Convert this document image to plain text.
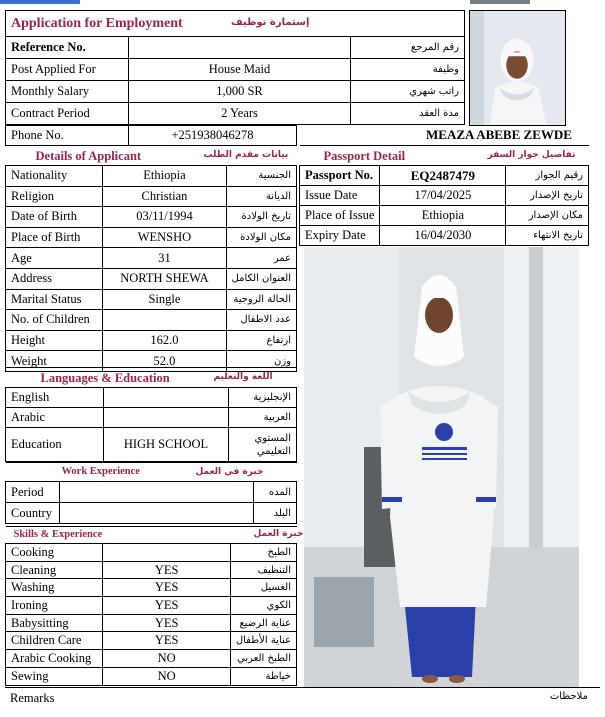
Application for Employment إستمارة توظيف		

Reference No.		رقم المرجع
Post Applied For	House Maid	وظيفة
Monthly Salary	1,000 SR	راتب شهري
Contract Period	2 Years	مدة العقد
Phone No.	+251938046278	MEAZA ABEBE ZEWDE
Details of Applicant بيانات مقدم الطلب		

Nationality	Ethiopia	الجنسية
Religion	Christian	الديانة
Date of Birth	03/11/1994	تاريخ الولادة
Place of Birth	WENSHO	مكان الولادة
Age	31	عمر
Address	NORTH SHEWA	العنوان الكامل
Marital Status	Single	الحالة الزوجية
No. of Children		عدد الاطفال
Height	162.0	ارتفاع
Weight	52.0	وزن
Passport Detail تفاصيل جواز السفر		

Passport No.	EQ2487479	رقيم الجواز
Issue Date	17/04/2025	تاريخ الإصدار
Place of Issue	Ethiopia	مكان الإصدار
Expiry Date	16/04/2030	تاريخ الانتهاء
Languages & Education اللغة والتعليم		

English		الإنجليزية
Arabic		العربية
Education	HIGH SCHOOL	المستوي التعليمي
Work Experience خبرة في العمل		

Period		المده
Country		البلد
Skills & Experience خبرة العمل		

Cooking		الطبخ
Cleaning	YES	التنظيف
Washing	YES	الغسيل
Ironing	YES	الكوي
Babysitting	YES	عناية الرضيع
Children Care	YES	عناية الأطفال
Arabic Cooking	NO	الطبخ العربي
Sewing	NO	خياطة
Remarks	ملاحظات
